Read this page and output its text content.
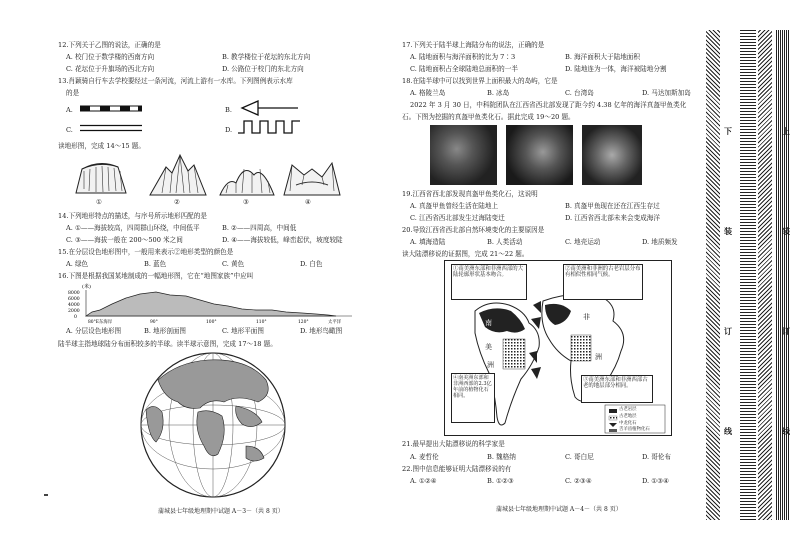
12.下列关于乙图的说法，正确的是
A. 校门位于数学楼的西南方向	B. 教学楼位于花坛的东北方向
C. 花坛位于升旗场的西北方向	D. 公路位于校门的东北方向
13.肖颖骑自行车去学校要经过一条河流，河流上游有一水库。下列图例表示水库
的是
A.	B.
C.	D.
读地形图，完成 14～15 题。
①	②	③	④
14.下列地形特点的描述，与序号所示地形匹配的是
A. ①——海拔较高，四周群山环绕，中间低平	B. ②——四周高，中间低
C. ③——海拔一般在 200～500 米之间	D. ④——海拔较低，峰峦起伏，坡度较陡
15.在分层设色地形图中，一般用来表示②地形类型的颜色是
A. 绿色	B. 蓝色	C. 黄色	D. 白色
16.下图是根据我国某地制成的一幅地形图，它在“地图家族”中应叫
(米)
8000
6000
4000
2000
0
80°E东海岸	90°	100°	110°	120°	太平洋
A. 分层设色地形图	B. 地形剖面图	C. 地形平面图	D. 地形鸟瞰图
陆半球主指地球陆分布面积较多的半球。读半球示意图，完成 17～18 题。
蒲城县七年级地理期中试题 A－3－（共 8 页）
17.下列关于陆半球上海陆分布的说法，正确的是
A. 陆地面积与海洋面积的比为 7∶3	B. 海洋面积大于陆地面积
C. 陆地面积占全球陆地总面积的一半	D. 陆地连为一体，海洋被陆地分割
18.在陆半球中可以找到世界上面积最大的岛屿，它是
A. 格陵兰岛	B. 冰岛	C. 台湾岛	D. 马达加斯加岛
2022 年 3 月 30 日，中科院团队在江西省西北部发现了距今约 4.38 亿年的海洋真盔甲鱼类化
石。下图为挖掘的真盔甲鱼类化石。据此完成 19～20 题。
19.江西省西北部发现真盔甲鱼类化石，这说明
A. 真盔甲鱼曾经生活在陆地上	B. 真盔甲鱼现在还在江西生存过
C. 江西省西北部发生过海陆变迁	D. 江西省西北部未来会变成海洋
20.导致江西省西北部自然环境变化的主要原因是
A. 填海造陆	B. 人类活动	C. 地壳运动	D. 地质频发
读大陆漂移说的证据图，完成 21～22 题。
①南美洲东部和非洲西部的大陆轮廓形状基本吻合。
②南美洲和非洲的古老岩层分布有相似性相同气候。
④南美洲东部和非洲西部的2.3亿年前的植物化石相同。
③南美洲东部和非洲西部古老的地层部分相同。
南
美
洲
非
洲
古老岩层
古老地层
中龙化石
舌羊齿植物化石
21.最早提出大陆漂移说的科学家是
A. 麦哲伦	B. 魏格纳	C. 哥白尼	D. 哥伦布
22.图中信息能够证明大陆漂移说的有
A. ①②④	B. ①②③	C. ②③④	D. ①③④
蒲城县七年级地理期中试题 A－4－（共 8 页）
下
装
订
线
上
装
订
线
